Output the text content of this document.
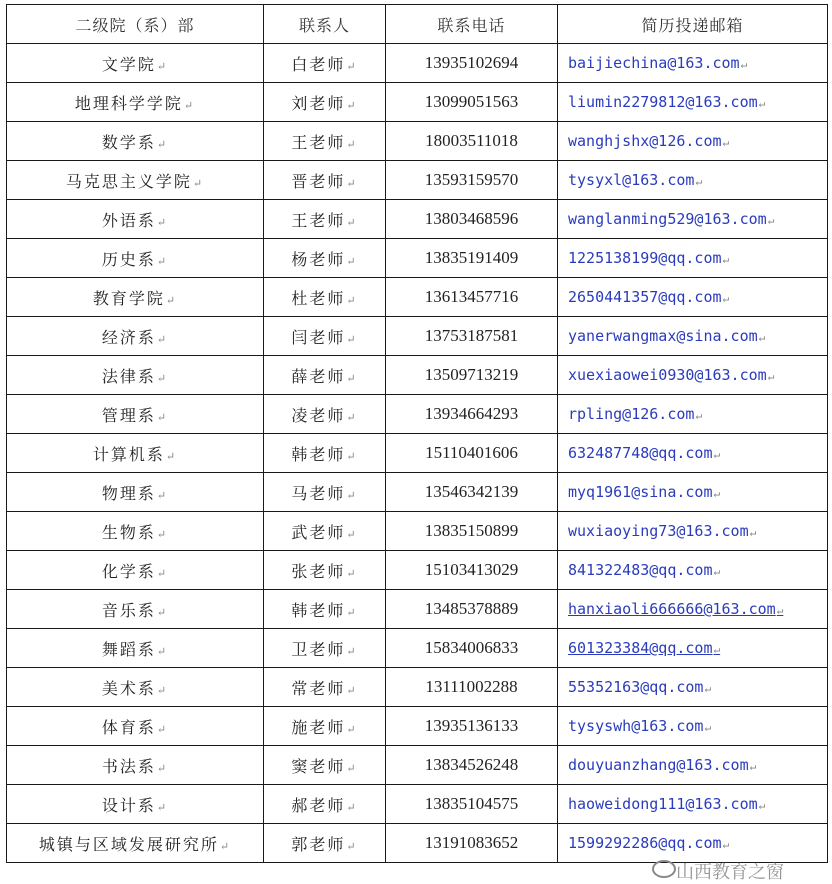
二级院（系）部	联系人	联系电话	简历投递邮箱
文学院↵	白老师↵	13935102694	baijiechina@163.com↵
地理科学学院↵	刘老师↵	13099051563	liumin2279812@163.com↵
数学系↵	王老师↵	18003511018	wanghjshx@126.com↵
马克思主义学院↵	晋老师↵	13593159570	tysyxl@163.com↵
外语系↵	王老师↵	13803468596	wanglanming529@163.com↵
历史系↵	杨老师↵	13835191409	1225138199@qq.com↵
教育学院↵	杜老师↵	13613457716	2650441357@qq.com↵
经济系↵	闫老师↵	13753187581	yanerwangmax@sina.com↵
法律系↵	薛老师↵	13509713219	xuexiaowei0930@163.com↵
管理系↵	凌老师↵	13934664293	rpling@126.com↵
计算机系↵	韩老师↵	15110401606	632487748@qq.com↵
物理系↵	马老师↵	13546342139	myq1961@sina.com↵
生物系↵	武老师↵	13835150899	wuxiaoying73@163.com↵
化学系↵	张老师↵	15103413029	841322483@qq.com↵
音乐系↵	韩老师↵	13485378889	hanxiaoli666666@163.com↵
舞蹈系↵	卫老师↵	15834006833	601323384@qq.com↵
美术系↵	常老师↵	13111002288	55352163@qq.com↵
体育系↵	施老师↵	13935136133	tysyswh@163.com↵
书法系↵	窦老师↵	13834526248	douyuanzhang@163.com↵
设计系↵	郝老师↵	13835104575	haoweidong111@163.com↵
城镇与区域发展研究所↵	郭老师↵	13191083652	1599292286@qq.com↵
山西教育之窗
